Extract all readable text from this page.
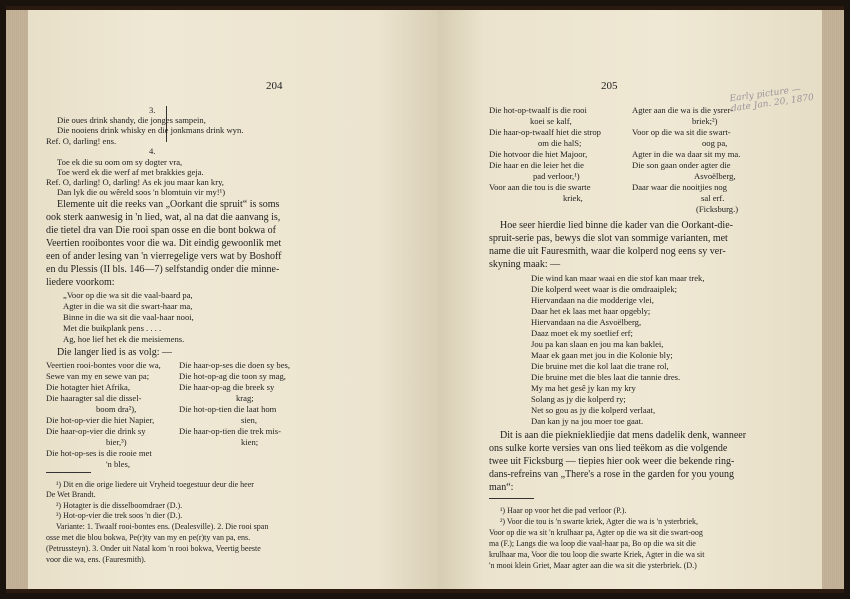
204
3.
Die oues drink shandy, die jonges sampein,
Die nooiens drink whisky en die jonkmans drink wyn.
Ref. O, darling! ens.
4.
Toe ek die su oom om sy dogter vra,
Toe werd ek die werf af met brakkies geja.
Ref. O, darling! O, darling! As ek jou maar kan kry,
Dan lyk die ou wêreld soos 'n blomtuin vir my!¹)
Elemente uit die reeks van „Oorkant die spruit“ is soms
ook sterk aanwesig in 'n lied, wat, al na dat die aanvang is,
die tietel dra van Die rooi span osse en die bont bokwa of
Veertien rooibontes voor die wa. Dit eindig gewoonlik met
een of ander lesing van 'n vierregelige vers wat by Boshoff
en du Plessis (II bls. 146—7) selfstandig onder die minne-
liedere voorkom:
„Voor op die wa sit die vaal-baard pa,
Agter in die wa sit die swart-haar ma,
Binne in die wa sit die vaal-haar nooi,
Met die buikplank pens . . . .
Ag, hoe lief het ek die meisiemens.
Die langer lied is as volg: —
Veertien rooi-bontes voor die wa,
Sewe van my en sewe van pa;
Die hotagter hiet Afrika,
Die haaragter sal die dissel-
boom dra²),
Die hot-op-vier die hiet Napier,
Die haar-op-vier die drink sy
bier,³)
Die hot-op-ses is die rooie met
'n bles,
Die haar-op-ses die doen sy bes,
Die hot-op-ag die toon sy mag,
Die haar-op-ag die breek sy
krag;
Die hot-op-tien die laat hom
sien,
Die haar-op-tien die trek mis-
kien;
¹) Dit en die orige liedere uit Vryheid toegestuur deur die heer
De Wet Brandt.
²) Hotagter is die disselboomdraer (D.).
³) Hot-op-vier die trek soos 'n dier (D.).
Variante: 1. Twaalf rooi-bontes ens. (Dealesville). 2. Die rooi span
osse met die blou bokwa, Pe(r)ty van my en pe(r)ty van pa, ens.
(Petrussteyn). 3. Onder uit Natal kom 'n rooi bokwa, Veertig beeste
voor die wa, ens. (Fauresmith).
205	Early picture — date Jan. 20, 1870
Die hot-op-twaalf is die rooi
koei se kalf,
Die haar-op-twaalf hiet die strop
om die halS;
Die hotvoor die hiet Majoor,
Die haar en die leier het die
pad verloor,¹)
Voor aan die tou is die swarte
kriek,
Agter aan die wa is die ysrer-
briek;²)
Voor op die wa sit die swart-
oog pa,
Agter in die wa daar sit my ma.
Die son gaan onder agter die
Asvoëlberg,
Daar waar die nooitjies nog
sal erf.
(Ficksburg.)
Hoe seer hierdie lied binne die kader van die Oorkant-die-
spruit-serie pas, bewys die slot van sommige varianten, met
name die uit Fauresmith, waar die kolperd nog eens sy ver-
skyning maak: —
Die wind kan maar waai en die stof kan maar trek,
Die kolperd weet waar is die omdraaiplek;
Hiervandaan na die modderige vlei,
Daar het ek laas met haar opgebly;
Hiervandaan na die Asvoëlberg,
Daaz moet ek my soetlief erf;
Jou pa kan slaan en jou ma kan baklei,
Maar ek gaan met jou in die Kolonie bly;
Die bruine met die kol laat die trane rol,
Die bruine met die bles laat die tannie dres.
My ma het gesê jy kan my kry
Solang as jy die kolperd ry;
Net so gou as jy die kolperd verlaat,
Dan kan jy na jou moer toe gaat.
Dit is aan die piekniekliedjie dat mens dadelik denk, wanneer
ons sulke korte versies van ons lied teëkom as die volgende
twee uit Ficksburg — tiepies hier ook weer die bekende ring-
dans-refreins van „There's a rose in the garden for you young
man“:
¹) Haar op voor het die pad verloor (P.).
²) Voor die tou is 'n swarte kriek, Agter die wa is 'n ysterbriek,
Voor op die wa sit 'n krulhaar pa, Agter op die wa sit die swart-oog
ma (F.); Langs die wa loop die vaal-haar pa, Bo op die wa sit die
krulhaar ma, Voor die tou loop die swarte Kriek, Agter in die wa sit
'n mooi klein Griet, Maar agter aan die wa sit die ysterbriek. (D.)
